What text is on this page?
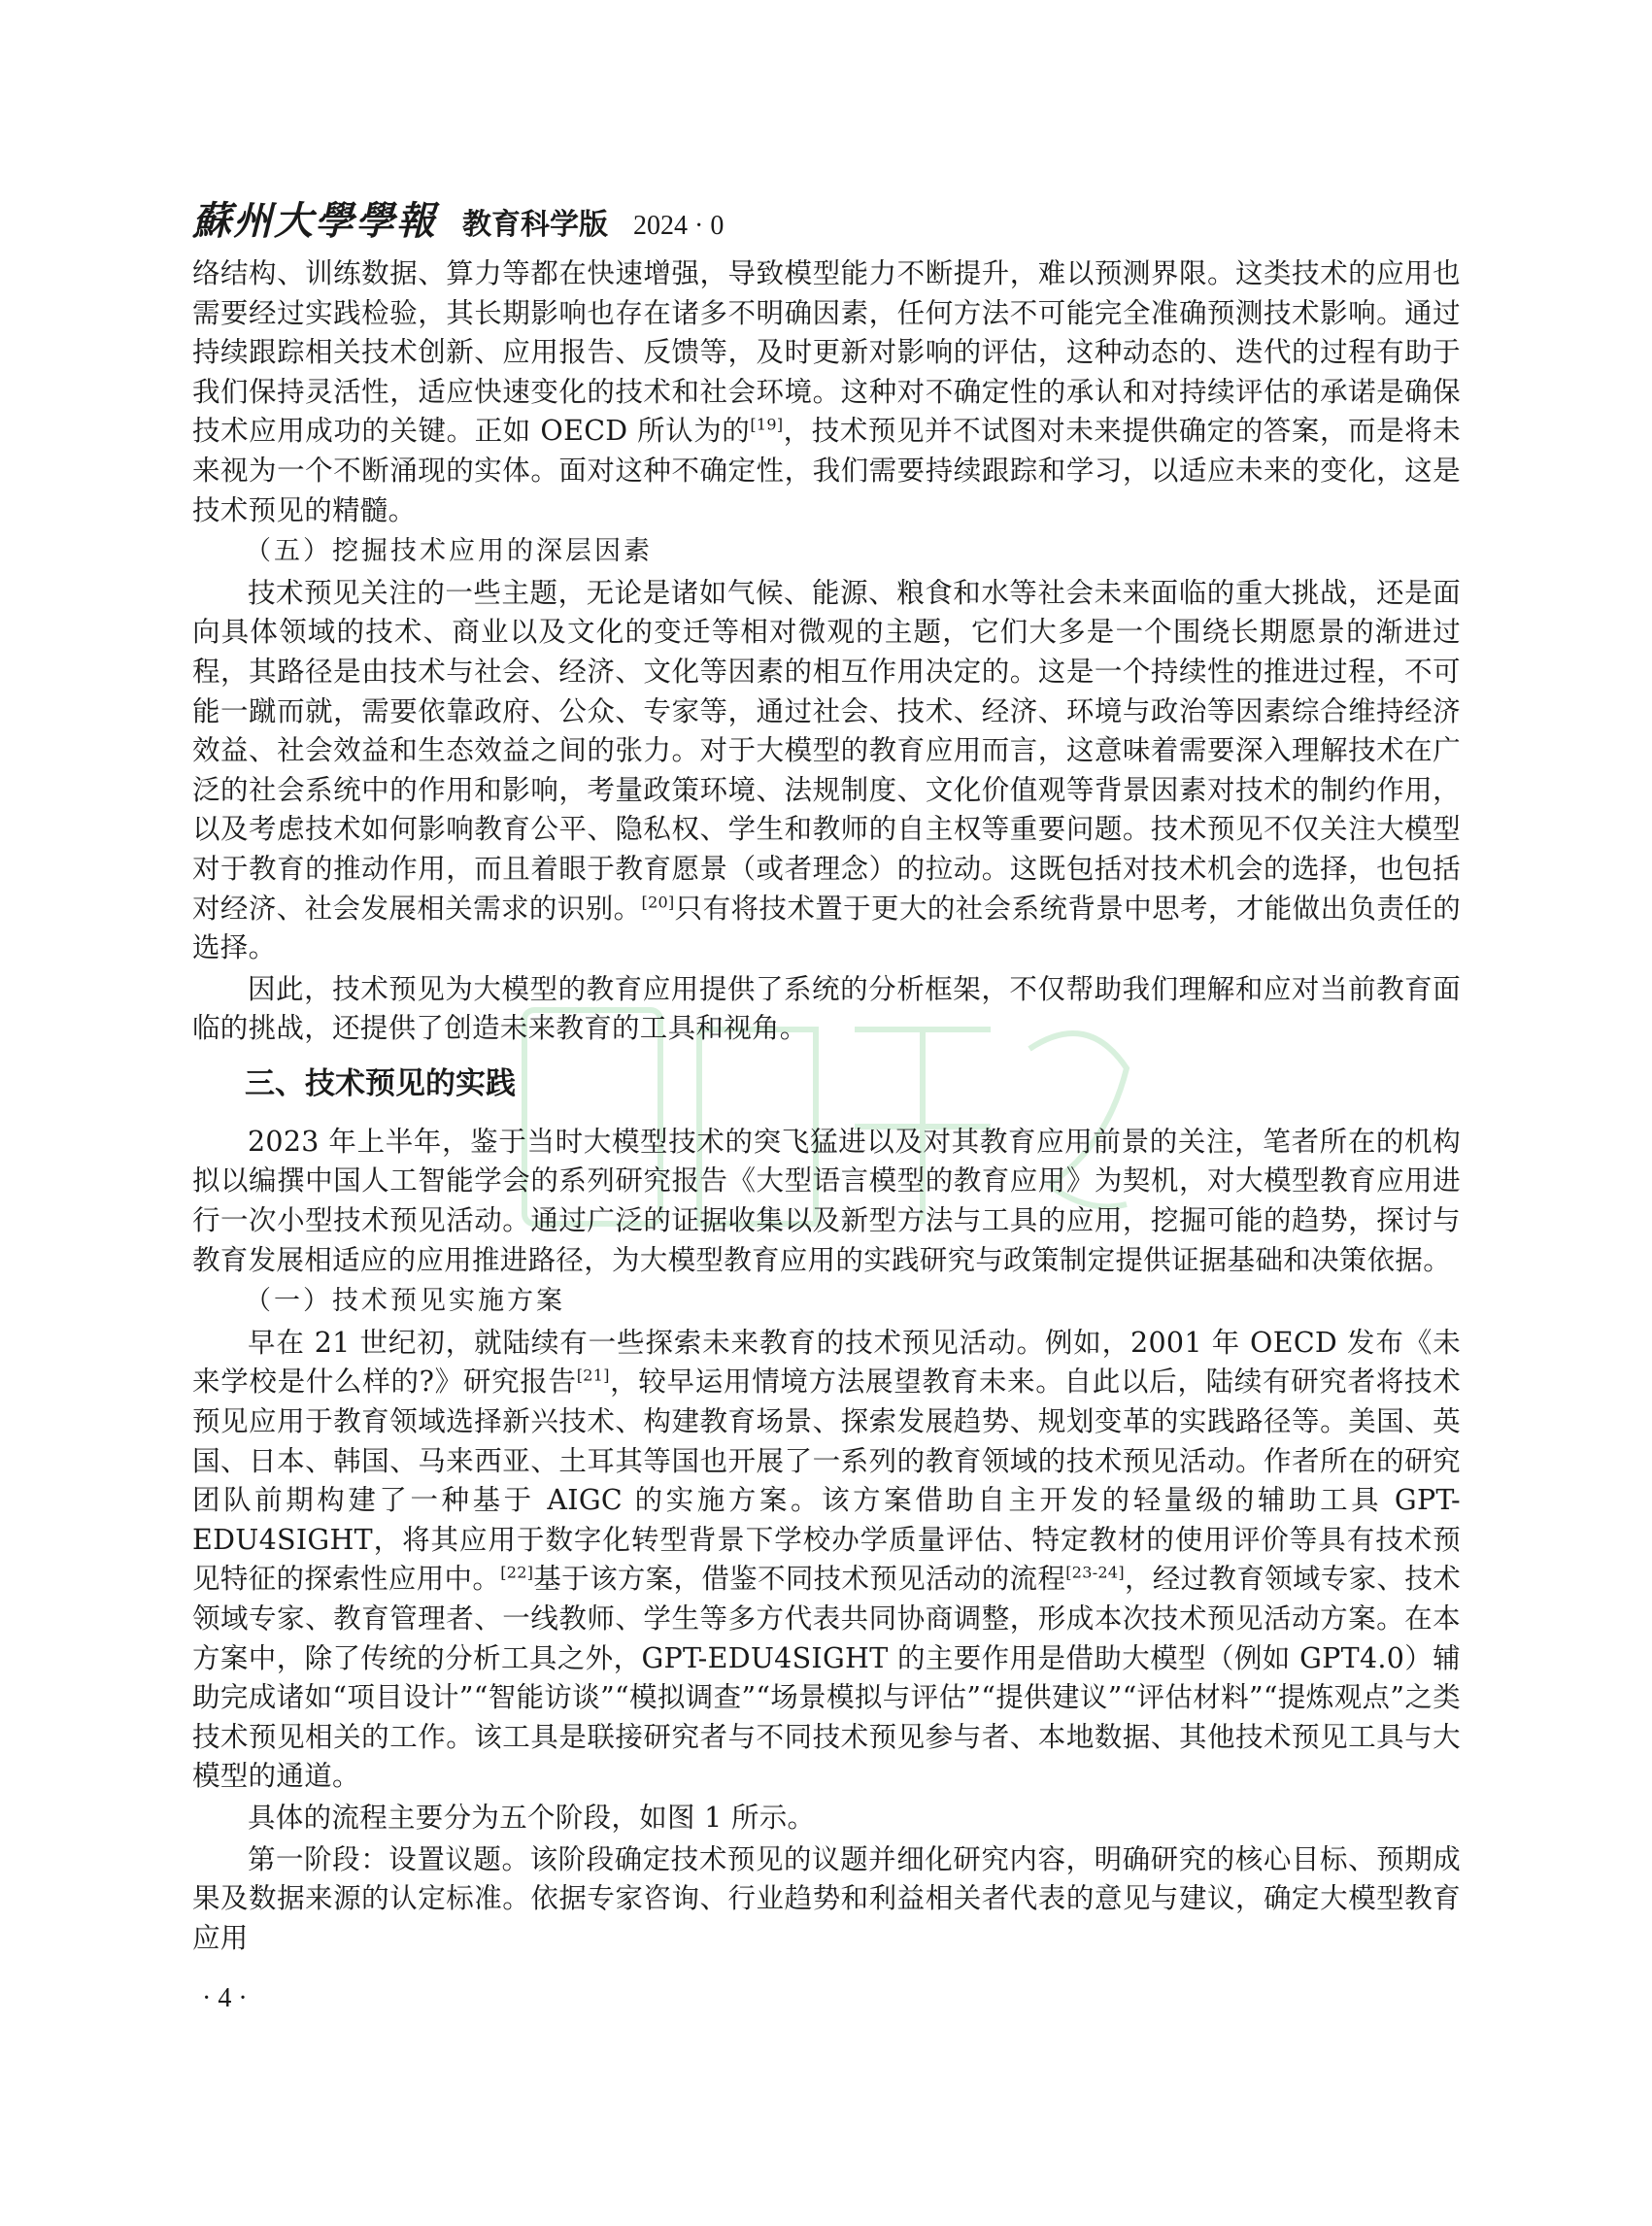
蘇州大學學報 教育科学版 2024 · 0

络结构、训练数据、算力等都在快速增强，导致模型能力不断提升，难以预测界限。这类技术的应用也需要经过实践检验，其长期影响也存在诸多不明确因素，任何方法不可能完全准确预测技术影响。通过持续跟踪相关技术创新、应用报告、反馈等，及时更新对影响的评估，这种动态的、迭代的过程有助于我们保持灵活性，适应快速变化的技术和社会环境。这种对不确定性的承认和对持续评估的承诺是确保技术应用成功的关键。正如 OECD 所认为的[19]，技术预见并不试图对未来提供确定的答案，而是将未来视为一个不断涌现的实体。面对这种不确定性，我们需要持续跟踪和学习，以适应未来的变化，这是技术预见的精髓。

（五）挖掘技术应用的深层因素

技术预见关注的一些主题，无论是诸如气候、能源、粮食和水等社会未来面临的重大挑战，还是面向具体领域的技术、商业以及文化的变迁等相对微观的主题，它们大多是一个围绕长期愿景的渐进过程，其路径是由技术与社会、经济、文化等因素的相互作用决定的。这是一个持续性的推进过程，不可能一蹴而就，需要依靠政府、公众、专家等，通过社会、技术、经济、环境与政治等因素综合维持经济效益、社会效益和生态效益之间的张力。对于大模型的教育应用而言，这意味着需要深入理解技术在广泛的社会系统中的作用和影响，考量政策环境、法规制度、文化价值观等背景因素对技术的制约作用，以及考虑技术如何影响教育公平、隐私权、学生和教师的自主权等重要问题。技术预见不仅关注大模型对于教育的推动作用，而且着眼于教育愿景（或者理念）的拉动。这既包括对技术机会的选择，也包括对经济、社会发展相关需求的识别。[20]只有将技术置于更大的社会系统背景中思考，才能做出负责任的选择。

因此，技术预见为大模型的教育应用提供了系统的分析框架，不仅帮助我们理解和应对当前教育面临的挑战，还提供了创造未来教育的工具和视角。

三、技术预见的实践

2023 年上半年，鉴于当时大模型技术的突飞猛进以及对其教育应用前景的关注，笔者所在的机构拟以编撰中国人工智能学会的系列研究报告《大型语言模型的教育应用》为契机，对大模型教育应用进行一次小型技术预见活动。通过广泛的证据收集以及新型方法与工具的应用，挖掘可能的趋势，探讨与教育发展相适应的应用推进路径，为大模型教育应用的实践研究与政策制定提供证据基础和决策依据。

（一）技术预见实施方案

早在 21 世纪初，就陆续有一些探索未来教育的技术预见活动。例如，2001 年 OECD 发布《未来学校是什么样的?》研究报告[21]，较早运用情境方法展望教育未来。自此以后，陆续有研究者将技术预见应用于教育领域选择新兴技术、构建教育场景、探索发展趋势、规划变革的实践路径等。美国、英国、日本、韩国、马来西亚、土耳其等国也开展了一系列的教育领域的技术预见活动。作者所在的研究团队前期构建了一种基于 AIGC 的实施方案。该方案借助自主开发的轻量级的辅助工具 GPT-EDU4SIGHT，将其应用于数字化转型背景下学校办学质量评估、特定教材的使用评价等具有技术预见特征的探索性应用中。[22]基于该方案，借鉴不同技术预见活动的流程[23-24]，经过教育领域专家、技术领域专家、教育管理者、一线教师、学生等多方代表共同协商调整，形成本次技术预见活动方案。在本方案中，除了传统的分析工具之外，GPT-EDU4SIGHT 的主要作用是借助大模型（例如 GPT4.0）辅助完成诸如“项目设计”“智能访谈”“模拟调查”“场景模拟与评估”“提供建议”“评估材料”“提炼观点”之类技术预见相关的工作。该工具是联接研究者与不同技术预见参与者、本地数据、其他技术预见工具与大模型的通道。

具体的流程主要分为五个阶段，如图 1 所示。

第一阶段：设置议题。该阶段确定技术预见的议题并细化研究内容，明确研究的核心目标、预期成果及数据来源的认定标准。依据专家咨询、行业趋势和利益相关者代表的意见与建议，确定大模型教育应用

· 4 ·
